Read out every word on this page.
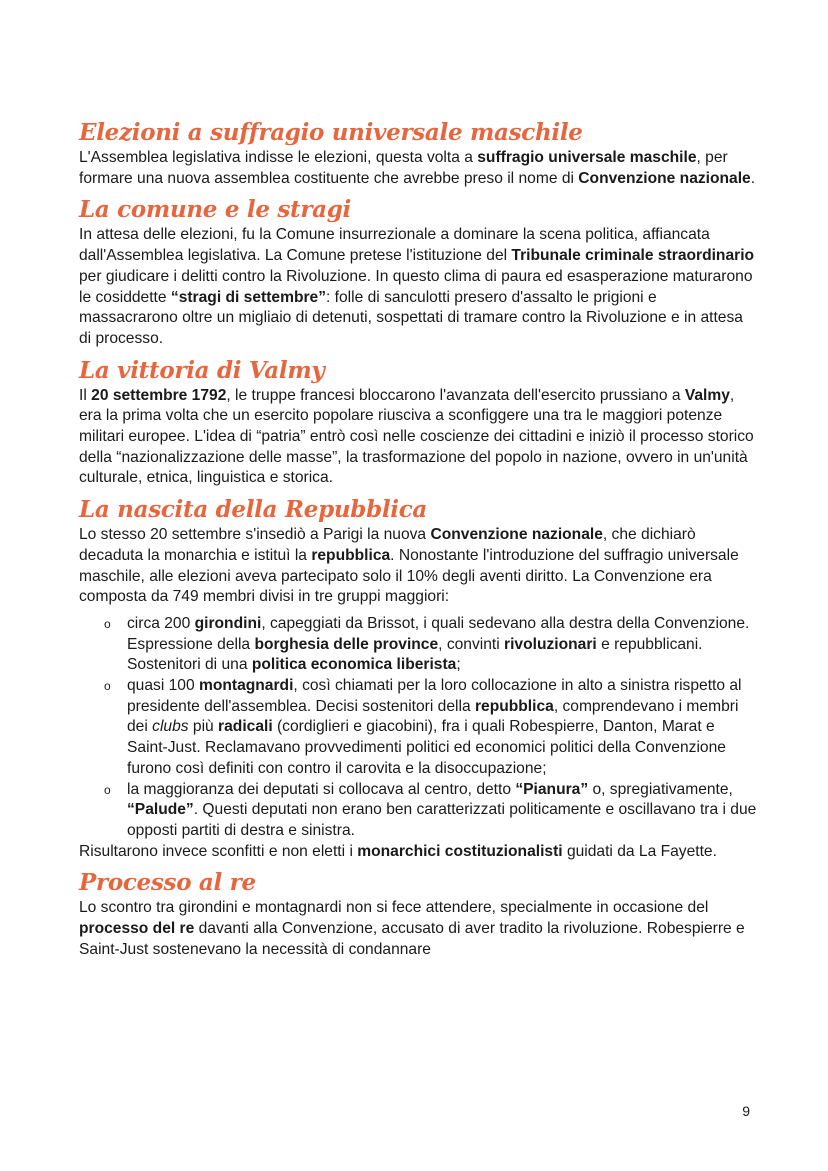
Elezioni a suffragio universale maschile

L'Assemblea legislativa indisse le elezioni, questa volta a suffragio universale maschile, per formare una nuova assemblea costituente che avrebbe preso il nome di Convenzione nazionale.

La comune e le stragi

In attesa delle elezioni, fu la Comune insurrezionale a dominare la scena politica, affiancata dall'Assemblea legislativa. La Comune pretese l'istituzione del Tribunale criminale straordinario per giudicare i delitti contro la Rivoluzione. In questo clima di paura ed esasperazione maturarono le cosiddette “stragi di settembre”: folle di sanculotti presero d'assalto le prigioni e massacrarono oltre un migliaio di detenuti, sospettati di tramare contro la Rivoluzione e in attesa di processo.

La vittoria di Valmy

Il 20 settembre 1792, le truppe francesi bloccarono l'avanzata dell'esercito prussiano a Valmy, era la prima volta che un esercito popolare riusciva a sconfiggere una tra le maggiori potenze militari europee. L'idea di “patria” entrò così nelle coscienze dei cittadini e iniziò il processo storico della “nazionalizzazione delle masse”, la trasformazione del popolo in nazione, ovvero in un'unità culturale, etnica, linguistica e storica.

La nascita della Repubblica

Lo stesso 20 settembre s'insediò a Parigi la nuova Convenzione nazionale, che dichiarò decaduta la monarchia e istituì la repubblica. Nonostante l'introduzione del suffragio universale maschile, alle elezioni aveva partecipato solo il 10% degli aventi diritto. La Convenzione era composta da 749 membri divisi in tre gruppi maggiori:

o circa 200 girondini, capeggiati da Brissot, i quali sedevano alla destra della Convenzione. Espressione della borghesia delle province, convinti rivoluzionari e repubblicani. Sostenitori di una politica economica liberista;
o quasi 100 montagnardi, così chiamati per la loro collocazione in alto a sinistra rispetto al presidente dell'assemblea. Decisi sostenitori della repubblica, comprendevano i membri dei clubs più radicali (cordiglieri e giacobini), fra i quali Robespierre, Danton, Marat e Saint-Just. Reclamavano provvedimenti politici ed economici politici della Convenzione furono così definiti con contro il carovita e la disoccupazione;
o la maggioranza dei deputati si collocava al centro, detto “Pianura” o, spregiativamente, “Palude”. Questi deputati non erano ben caratterizzati politicamente e oscillavano tra i due opposti partiti di destra e sinistra.

Risultarono invece sconfitti e non eletti i monarchici costituzionalisti guidati da La Fayette.

Processo al re

Lo scontro tra girondini e montagnardi non si fece attendere, specialmente in occasione del processo del re davanti alla Convenzione, accusato di aver tradito la rivoluzione. Robespierre e Saint-Just sostenevano la necessità di condannare

9
